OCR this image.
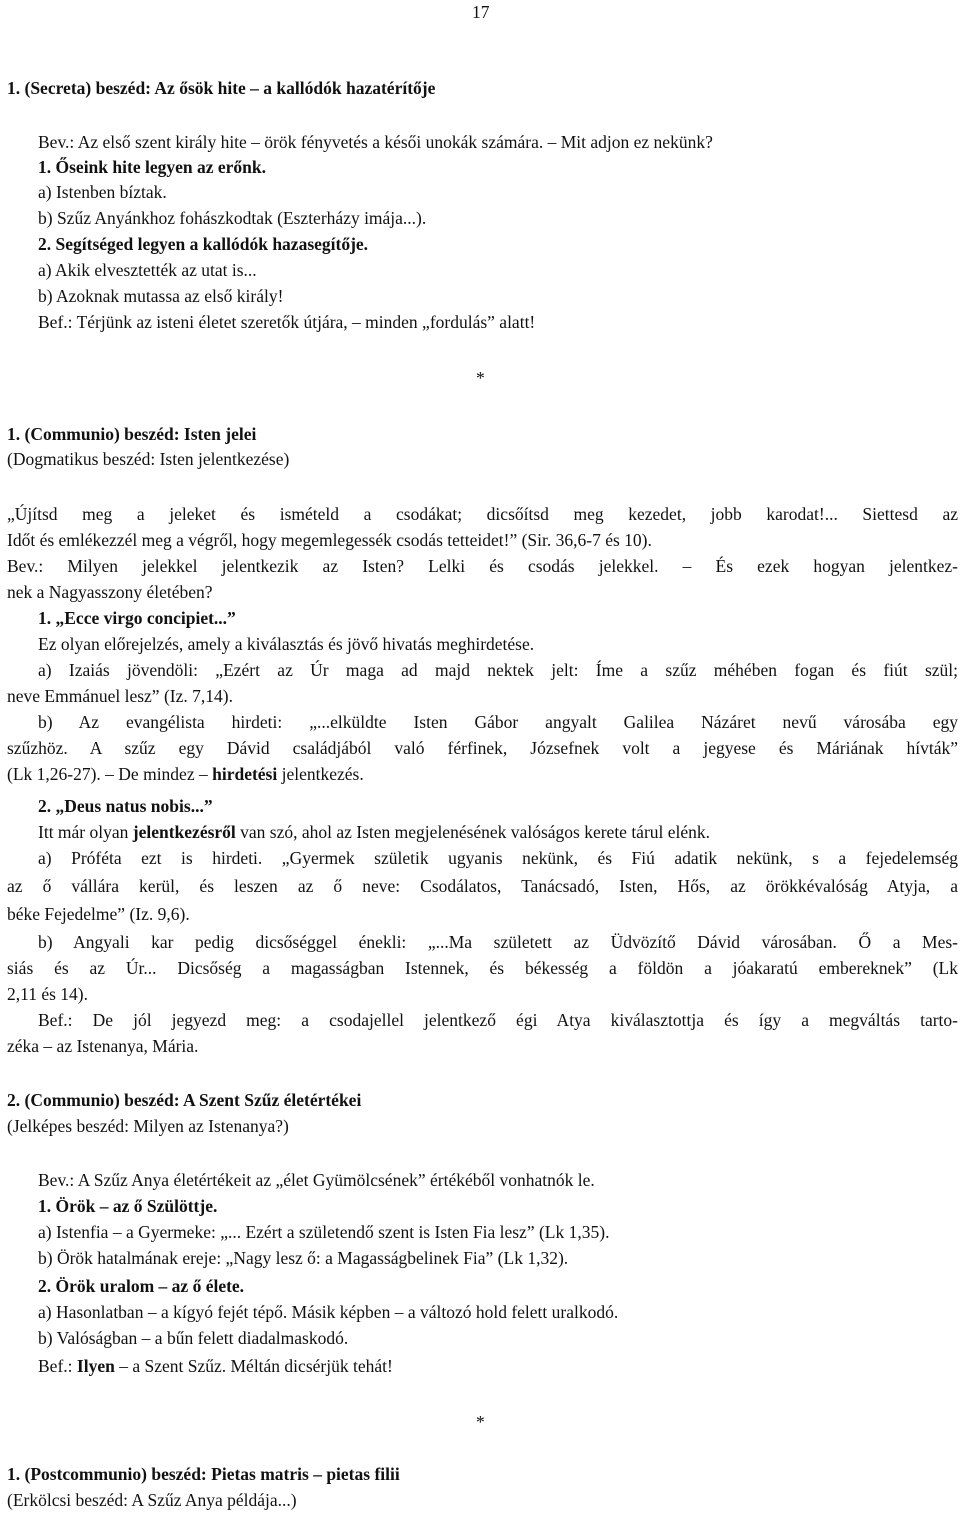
17
1. (Secreta) beszéd: Az ősök hite – a kallódók hazatérítője
Bev.: Az első szent király hite – örök fényvetés a késői unokák számára. – Mit adjon ez nekünk?
1. Őseink hite legyen az erőnk.
a) Istenben bíztak.
b) Szűz Anyánkhoz fohászkodtak (Eszterházy imája...).
2. Segítséged legyen a kallódók hazasegítője.
a) Akik elvesztették az utat is...
b) Azoknak mutassa az első király!
Bef.: Térjünk az isteni életet szeretők útjára, – minden „fordulás” alatt!
*
1. (Communio) beszéd: Isten jelei
(Dogmatikus beszéd: Isten jelentkezése)
„Újítsd meg a jeleket és ismételd a csodákat; dicsőítsd meg kezedet, jobb karodat!... Siettesd az
Időt és emlékezzél meg a végről, hogy megemlegessék csodás tetteidet!” (Sir. 36,6-7 és 10).
Bev.: Milyen jelekkel jelentkezik az Isten? Lelki és csodás jelekkel. – És ezek hogyan jelentkez-
nek a Nagyasszony életében?
1. „Ecce virgo concipiet...”
Ez olyan előrejelzés, amely a kiválasztás és jövő hivatás meghirdetése.
a) Izaiás jövendöli: „Ezért az Úr maga ad majd nektek jelt: Íme a szűz méhében fogan és fiút szül;
neve Emmánuel lesz” (Iz. 7,14).
b) Az evangélista hirdeti: „...elküldte Isten Gábor angyalt Galilea Názáret nevű városába egy
szűzhöz. A szűz egy Dávid családjából való férfinek, Józsefnek volt a jegyese és Máriának hívták”
(Lk 1,26-27). – De mindez – hirdetési jelentkezés.
2. „Deus natus nobis...”
Itt már olyan jelentkezésről van szó, ahol az Isten megjelenésének valóságos kerete tárul elénk.
a) Próféta ezt is hirdeti. „Gyermek születik ugyanis nekünk, és Fiú adatik nekünk, s a fejedelemség
az ő vállára kerül, és leszen az ő neve: Csodálatos, Tanácsadó, Isten, Hős, az örökkévalóság Atyja, a
béke Fejedelme” (Iz. 9,6).
b) Angyali kar pedig dicsőséggel énekli: „...Ma született az Üdvözítő Dávid városában. Ő a Mes-
siás és az Úr... Dicsőség a magasságban Istennek, és békesség a földön a jóakaratú embereknek” (Lk
2,11 és 14).
Bef.: De jól jegyezd meg: a csodajellel jelentkező égi Atya kiválasztottja és így a megváltás tarto-
zéka – az Istenanya, Mária.
2. (Communio) beszéd: A Szent Szűz életértékei
(Jelképes beszéd: Milyen az Istenanya?)
Bev.: A Szűz Anya életértékeit az „élet Gyümölcsének” értékéből vonhatnók le.
1. Örök – az ő Szülöttje.
a) Istenfia – a Gyermeke: „... Ezért a születendő szent is Isten Fia lesz” (Lk 1,35).
b) Örök hatalmának ereje: „Nagy lesz ő: a Magasságbelinek Fia” (Lk 1,32).
2. Örök uralom – az ő élete.
a) Hasonlatban – a kígyó fejét tépő. Másik képben – a változó hold felett uralkodó.
b) Valóságban – a bűn felett diadalmaskodó.
Bef.: Ilyen – a Szent Szűz. Méltán dicsérjük tehát!
*
1. (Postcommunio) beszéd: Pietas matris – pietas filii
(Erkölcsi beszéd: A Szűz Anya példája...)
